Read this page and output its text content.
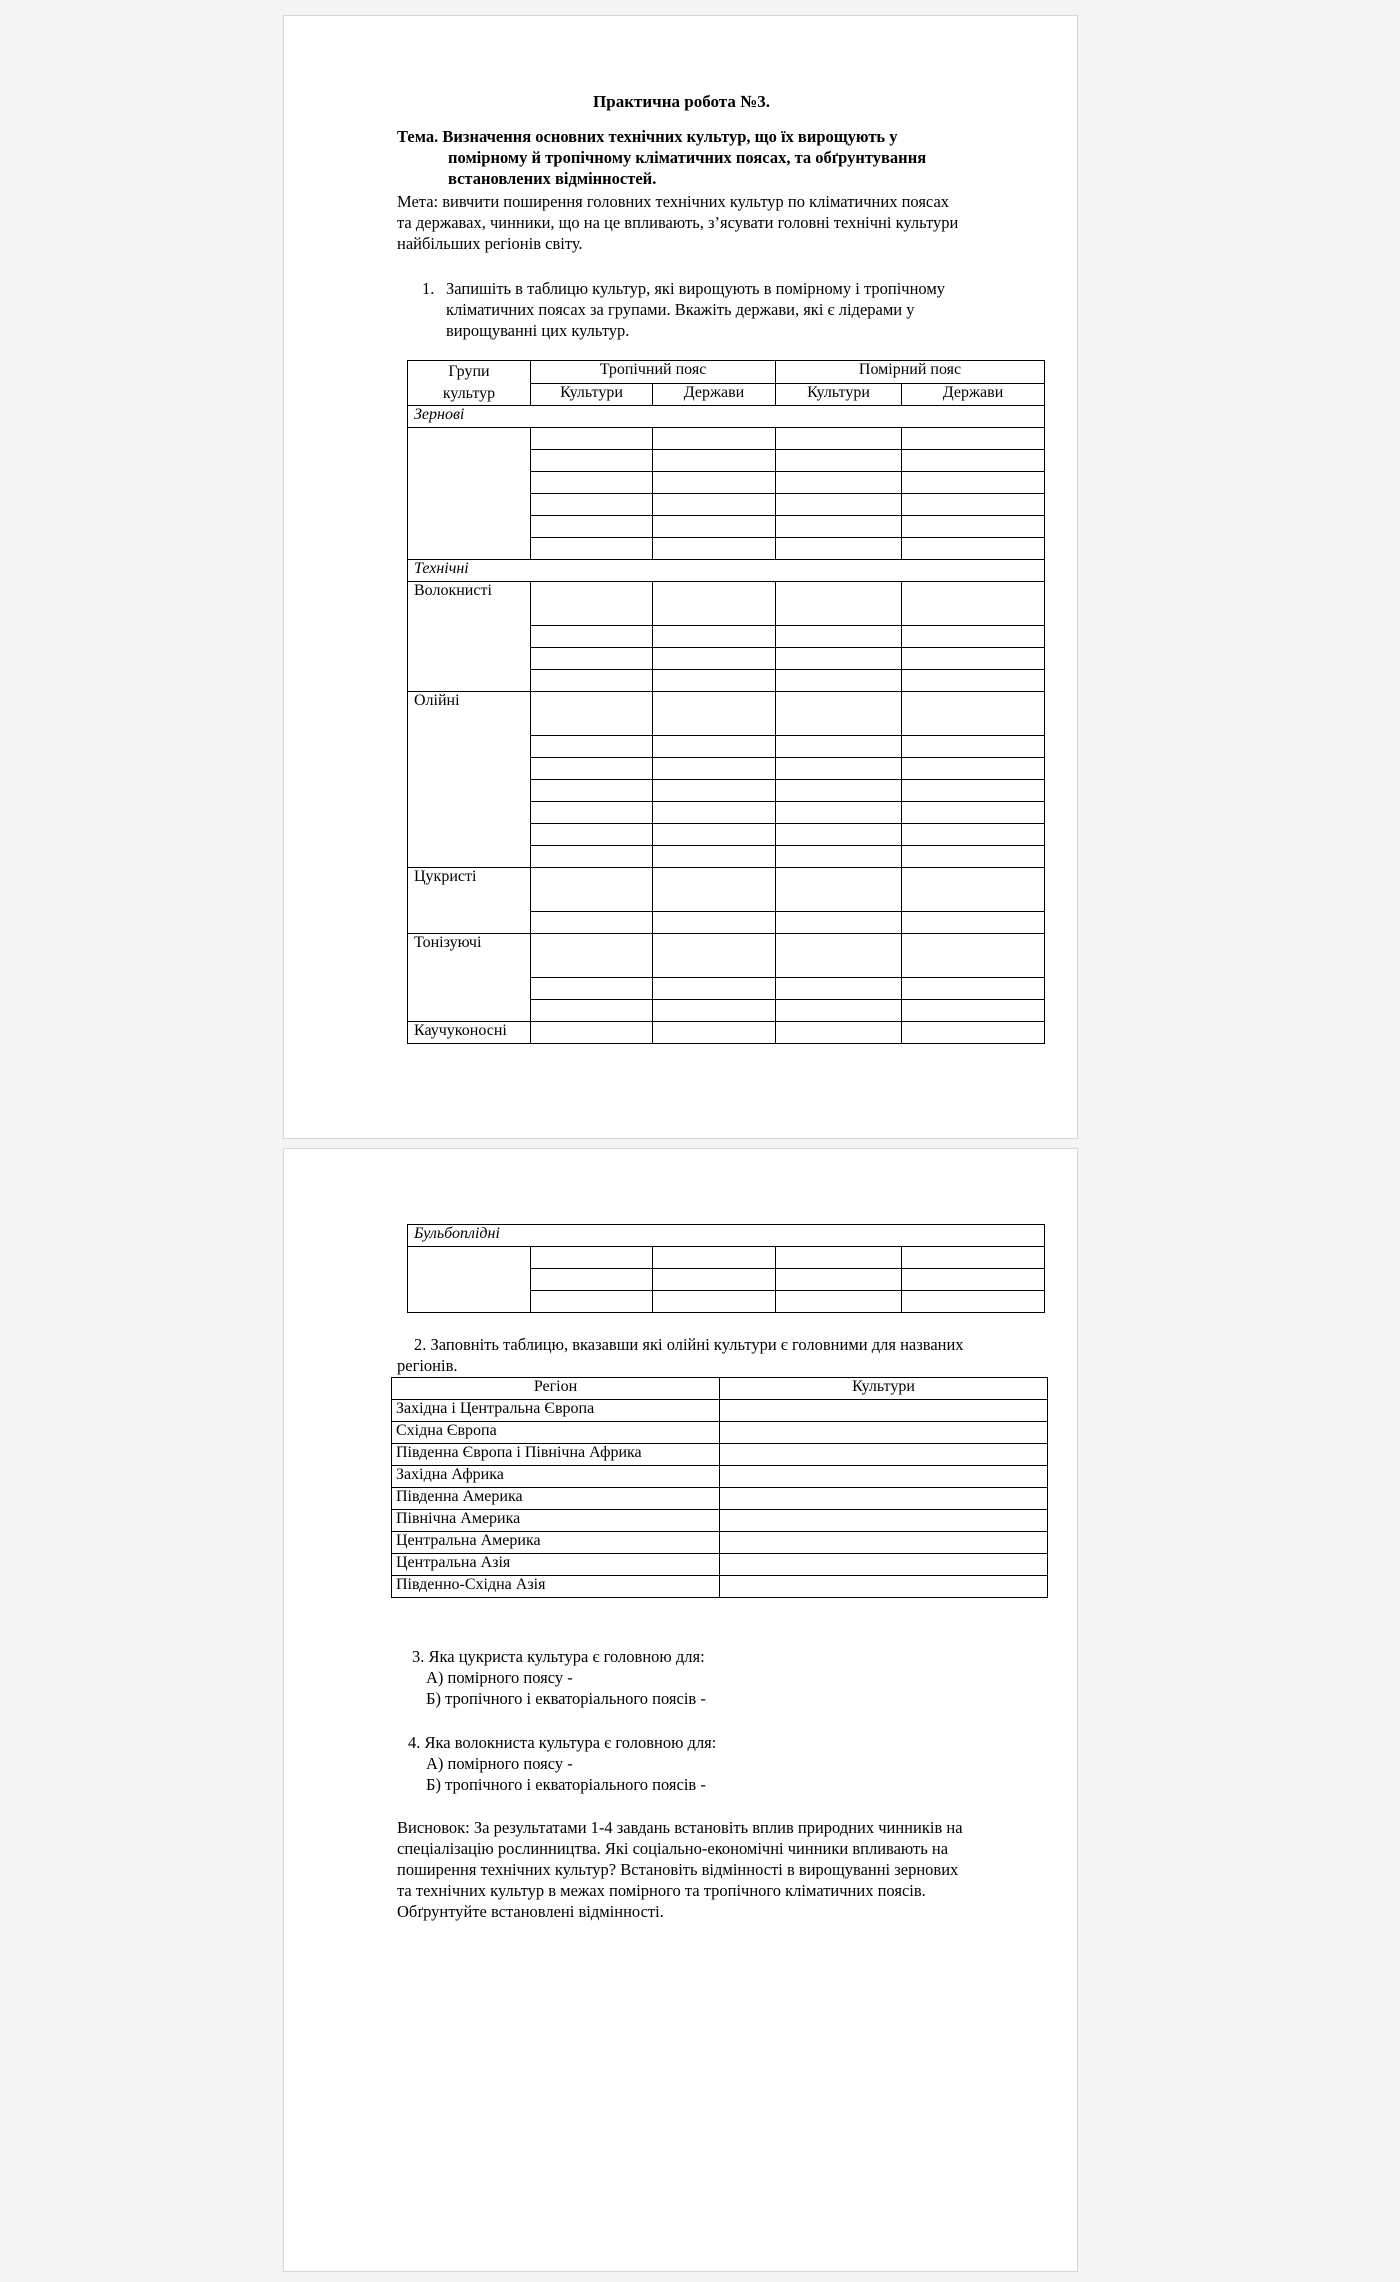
Практична робота №3.
Тема. Визначення основних технічних культур, що їх вирощують у
помірному й тропічному кліматичних поясах, та обґрунтування
встановлених відмінностей.
Мета: вивчити поширення головних технічних культур по кліматичних поясах
та державах, чинники, що на це впливають, з’ясувати головні технічні культури
найбільших регіонів світу.
1. Запишіть в таблицю культур, які вирощують в помірному і тропічному
кліматичних поясах за групами. Вкажіть держави, які є лідерами у
вирощуванні цих культур.
Групи
культур	Тропічний пояс		Помірний пояс	
	Культури	Держави	Культури	Держави
Зернові				

Технічні				
Волокнисті				

Олійні				

Цукристі				

Тонізуючі				

Каучуконосні				
Бульбоплідні				

2. Заповніть таблицю, вказавши які олійні культури є головними для названих
регіонів.
Регіон	Культури
Західна і Центральна Європа	
Східна Європа	
Південна Європа і Північна Африка	
Західна Африка	
Південна Америка	
Північна Америка	
Центральна Америка	
Центральна Азія	
Південно-Східна Азія	
3. Яка цукриста культура є головною для:
А) помірного поясу -
Б) тропічного і екваторіального поясів -
4. Яка волокниста культура є головною для:
А) помірного поясу -
Б) тропічного і екваторіального поясів -
Висновок: За результатами 1-4 завдань встановіть вплив природних чинників на
спеціалізацію рослинництва. Які соціально-економічні чинники впливають на
поширення технічних культур? Встановіть відмінності в вирощуванні зернових
та технічних культур в межах помірного та тропічного кліматичних поясів.
Обґрунтуйте встановлені відмінності.
